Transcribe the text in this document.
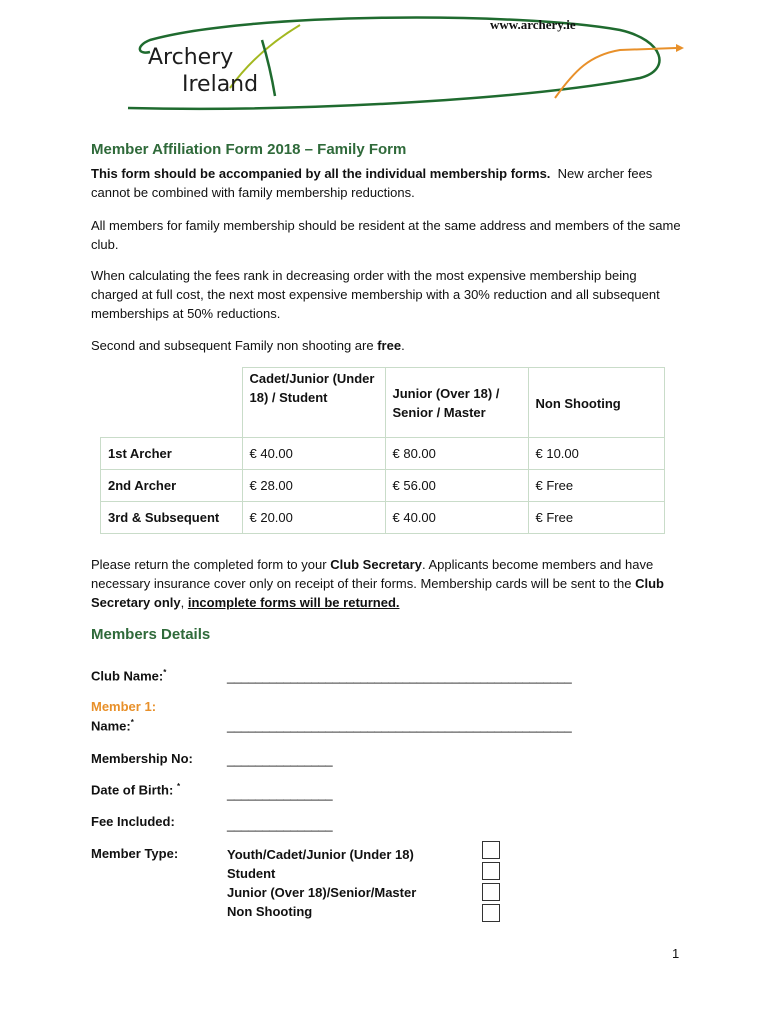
www.archery.ie
Archery
Ireland
Member Affiliation Form 2018 – Family Form
This form should be accompanied by all the individual membership forms. New archer fees cannot be combined with family membership reductions.
All members for family membership should be resident at the same address and members of the same club.
When calculating the fees rank in decreasing order with the most expensive membership being charged at full cost, the next most expensive membership with a 30% reduction and all subsequent memberships at 50% reductions.
Second and subsequent Family non shooting are free.
	Cadet/Junior (Under 18) / Student	Junior (Over 18) / Senior / Master	Non Shooting
1st Archer	€ 40.00	€ 80.00	€ 10.00
2nd Archer	€ 28.00	€ 56.00	€ Free
3rd & Subsequent	€ 20.00	€ 40.00	€ Free
Please return the completed form to your Club Secretary. Applicants become members and have necessary insurance cover only on receipt of their forms. Membership cards will be sent to the Club Secretary only, incomplete forms will be returned.
Members Details
Club Name:*	_________________________________________________
Member 1:
Name:*	_________________________________________________
Membership No:	_______________
Date of Birth: *	_______________
Fee Included:	_______________
Member Type:	Youth/Cadet/Junior (Under 18)
Student
Junior (Over 18)/Senior/Master
Non Shooting
1
